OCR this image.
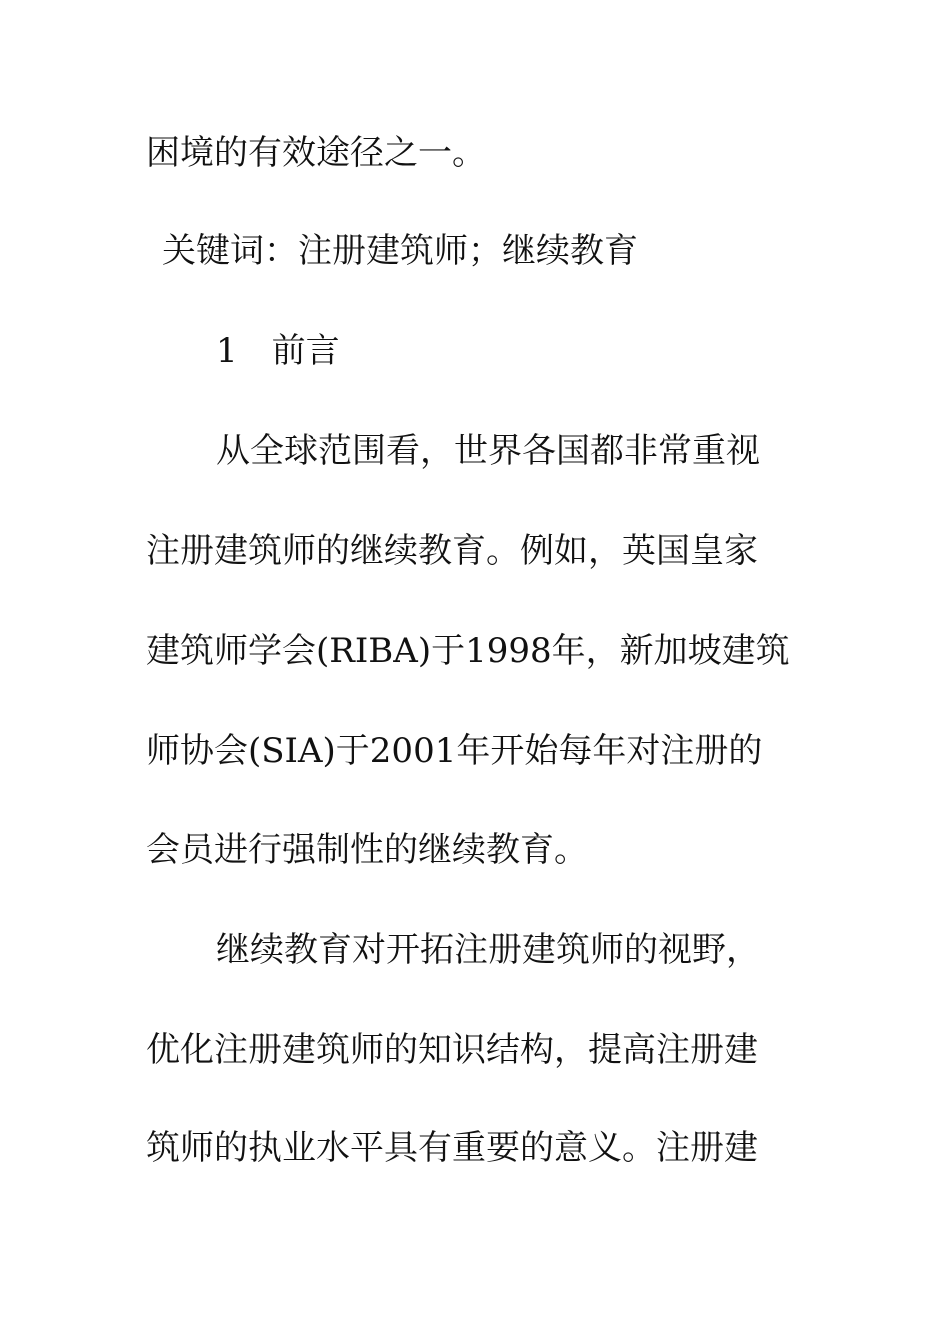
困境的有效途径之一。
关键词：注册建筑师；继续教育
1　前言
从全球范围看，世界各国都非常重视
注册建筑师的继续教育。例如，英国皇家
建筑师学会(RIBA)于1998年，新加坡建筑
师协会(SIA)于2001年开始每年对注册的
会员进行强制性的继续教育。
继续教育对开拓注册建筑师的视野，
优化注册建筑师的知识结构，提高注册建
筑师的执业水平具有重要的意义。注册建
